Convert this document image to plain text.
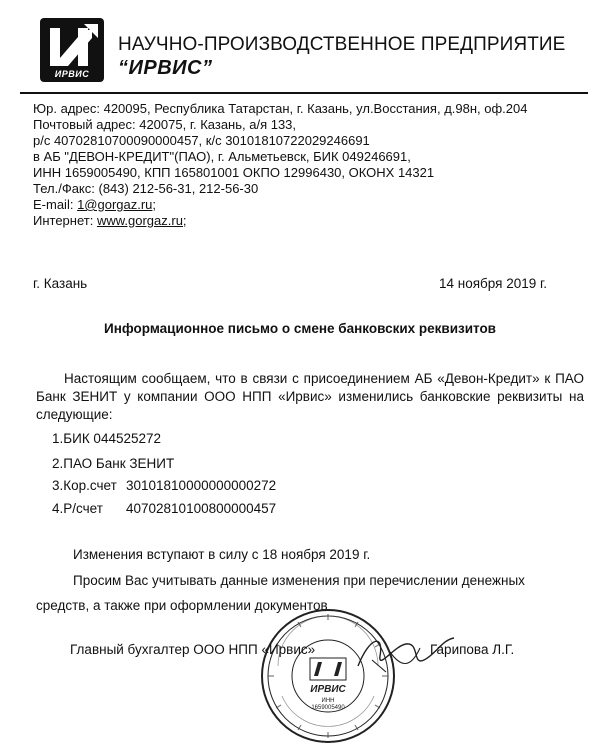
ИРВИС
НАУЧНО-ПРОИЗВОДСТВЕННОЕ ПРЕДПРИЯТИЕ
“ИРВИС”
Юр. адрес: 420095, Республика Татарстан, г. Казань, ул.Восстания, д.98н, оф.204
Почтовый адрес: 420075, г. Казань, а/я 133,
р/с 40702810700090000457, к/с 30101810722029246691
в АБ "ДЕВОН-КРЕДИТ"(ПАО), г. Альметьевск, БИК 049246691,
ИНН 1659005490, КПП 165801001 ОКПО 12996430, ОКОНХ 14321
Тел./Факс: (843) 212-56-31, 212-56-30
E-mail: 1@gorgaz.ru;
Интернет: www.gorgaz.ru;
г. Казань	14 ноября 2019 г.
Информационное письмо о смене банковских реквизитов
Настоящим сообщаем, что в связи с присоединением АБ «Девон-Кредит» к ПАО Банк ЗЕНИТ у компании ООО НПП «Ирвис» изменились банковские реквизиты на следующие:
1.БИК 044525272
2.ПАО Банк ЗЕНИТ
3.Кор.счет 30101810000000000272
4.Р/счет 40702810100800000457
Изменения вступают в силу с 18 ноября 2019 г.
Просим Вас учитывать данные изменения при перечислении денежных
средств, а также при оформлении документов
ИРВИС
ИНН
1659005490
Главный бухгалтер ООО НПП «Ирвис»	Гарипова Л.Г.
